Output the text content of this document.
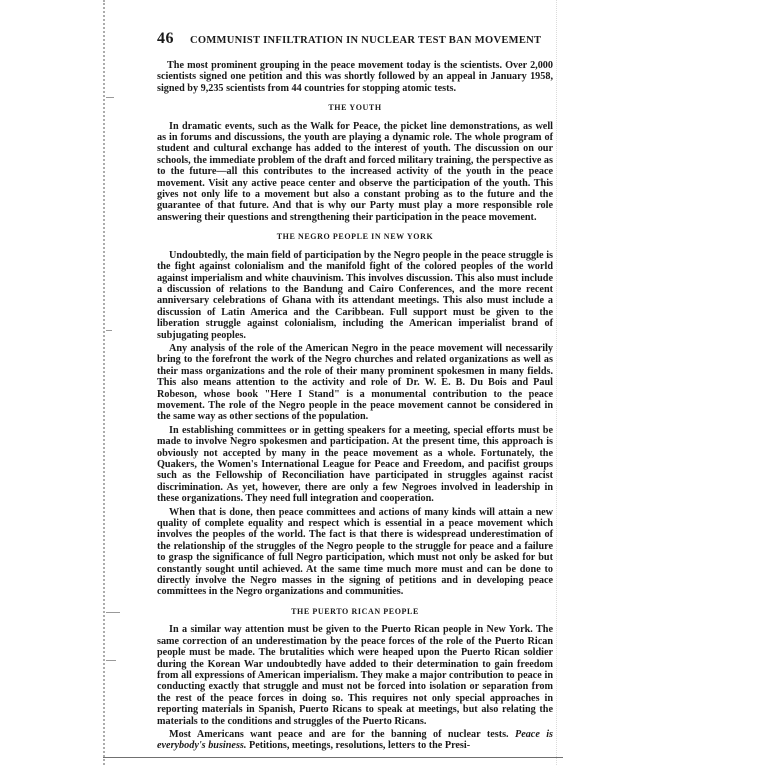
46 COMMUNIST INFILTRATION IN NUCLEAR TEST BAN MOVEMENT

The most prominent grouping in the peace movement today is the scientists. Over 2,000 scientists signed one petition and this was shortly followed by an appeal in January 1958, signed by 9,235 scientists from 44 countries for stopping atomic tests.

THE YOUTH

In dramatic events, such as the Walk for Peace, the picket line demonstrations, as well as in forums and discussions, the youth are playing a dynamic role. The whole program of student and cultural exchange has added to the interest of youth. The discussion on our schools, the immediate problem of the draft and forced military training, the perspective as to the future—all this contributes to the increased activity of the youth in the peace movement. Visit any active peace center and observe the participation of the youth. This gives not only life to a movement but also a constant probing as to the future and the guarantee of that future. And that is why our Party must play a more responsible role answering their questions and strengthening their participation in the peace movement.

THE NEGRO PEOPLE IN NEW YORK

Undoubtedly, the main field of participation by the Negro people in the peace struggle is the fight against colonialism and the manifold fight of the colored peoples of the world against imperialism and white chauvinism. This involves discussion. This also must include a discussion of relations to the Bandung and Cairo Conferences, and the more recent anniversary celebrations of Ghana with its attendant meetings. This also must include a discussion of Latin America and the Caribbean. Full support must be given to the liberation struggle against colonialism, including the American imperialist brand of subjugating peoples.

Any analysis of the role of the American Negro in the peace movement will necessarily bring to the forefront the work of the Negro churches and related organizations as well as their mass organizations and the role of their many prominent spokesmen in many fields. This also means attention to the activity and role of Dr. W. E. B. Du Bois and Paul Robeson, whose book "Here I Stand" is a monumental contribution to the peace movement. The role of the Negro people in the peace movement cannot be considered in the same way as other sections of the population.

In establishing committees or in getting speakers for a meeting, special efforts must be made to involve Negro spokesmen and participation. At the present time, this approach is obviously not accepted by many in the peace movement as a whole. Fortunately, the Quakers, the Women's International League for Peace and Freedom, and pacifist groups such as the Fellowship of Reconciliation have participated in struggles against racist discrimination. As yet, however, there are only a few Negroes involved in leadership in these organizations. They need full integration and cooperation.

When that is done, then peace committees and actions of many kinds will attain a new quality of complete equality and respect which is essential in a peace movement which involves the peoples of the world. The fact is that there is widespread underestimation of the relationship of the struggles of the Negro people to the struggle for peace and a failure to grasp the significance of full Negro participation, which must not only be asked for but constantly sought until achieved. At the same time much more must and can be done to directly involve the Negro masses in the signing of petitions and in developing peace committees in the Negro organizations and communities.

THE PUERTO RICAN PEOPLE

In a similar way attention must be given to the Puerto Rican people in New York. The same correction of an underestimation by the peace forces of the role of the Puerto Rican people must be made. The brutalities which were heaped upon the Puerto Rican soldier during the Korean War undoubtedly have added to their determination to gain freedom from all expressions of American imperialism. They make a major contribution to peace in conducting exactly that struggle and must not be forced into isolation or separation from the rest of the peace forces in doing so. This requires not only special approaches in reporting materials in Spanish, Puerto Ricans to speak at meetings, but also relating the materials to the conditions and struggles of the Puerto Ricans.

Most Americans want peace and are for the banning of nuclear tests. Peace is everybody's business. Petitions, meetings, resolutions, letters to the Presi-
